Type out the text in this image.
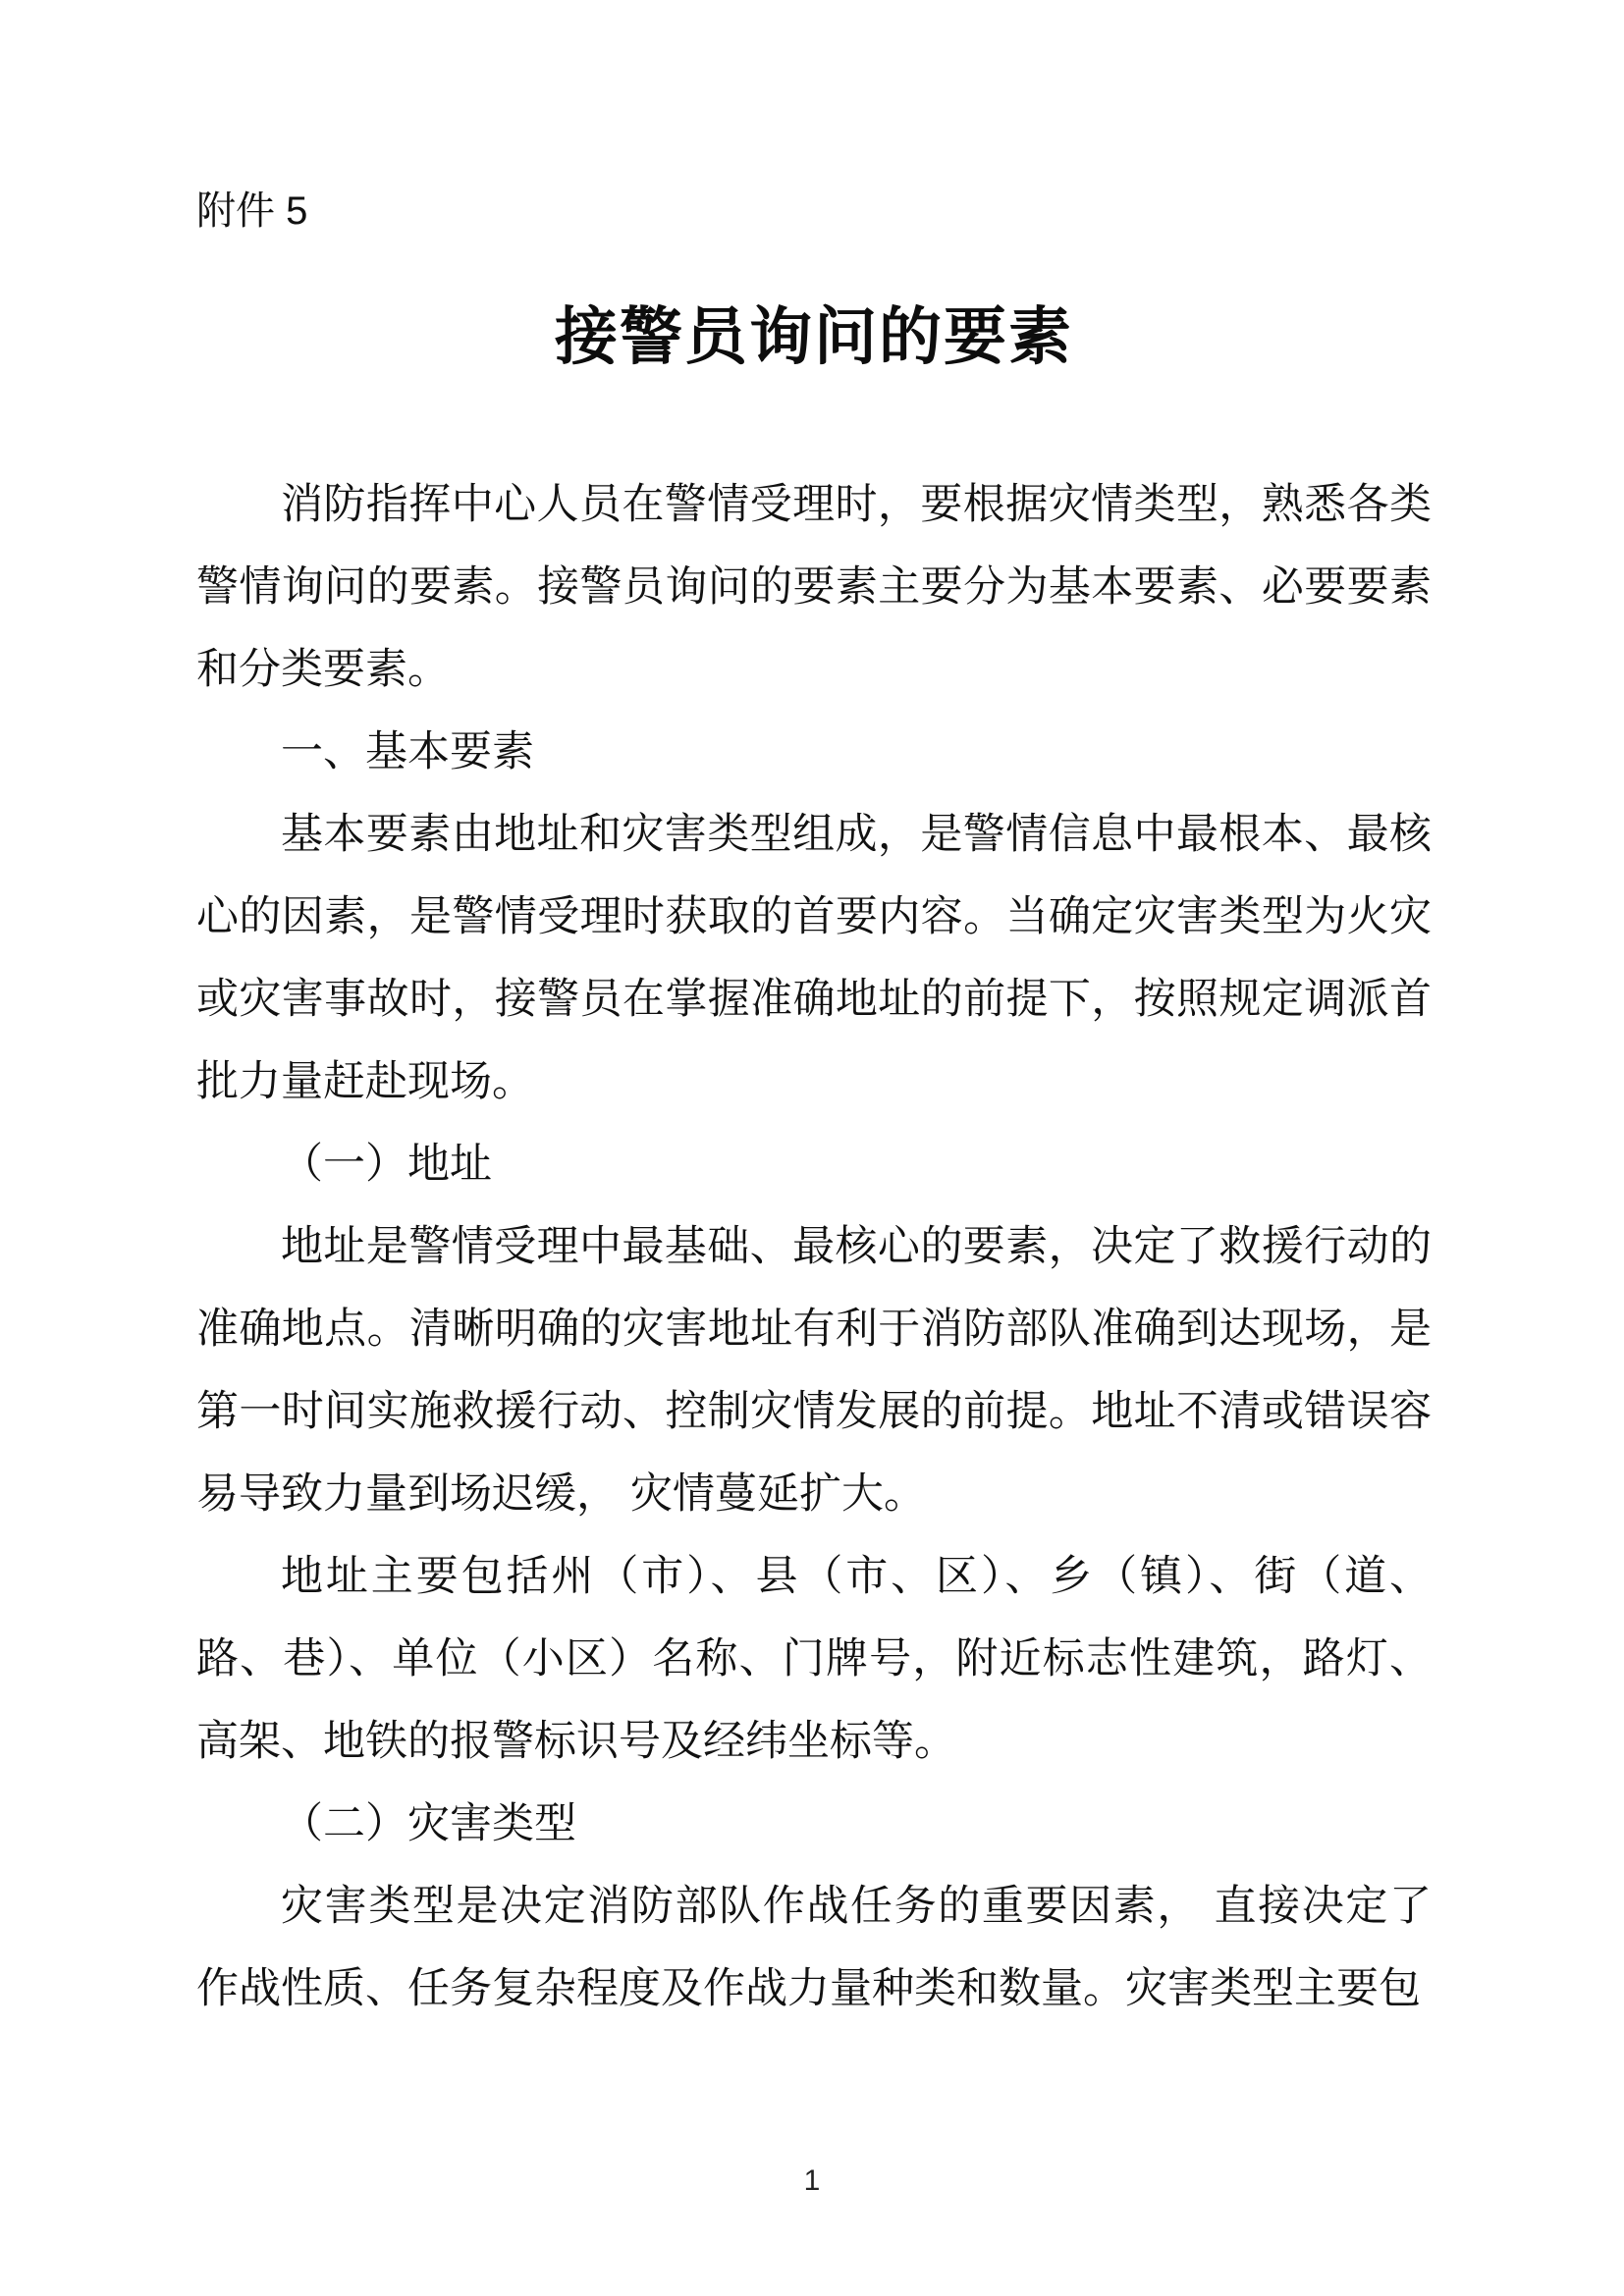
附件 5
接警员询问的要素

消防指挥中心人员在警情受理时，要根据灾情类型，熟悉各类警情询问的要素。接警员询问的要素主要分为基本要素、必要要素和分类要素。

一、基本要素

基本要素由地址和灾害类型组成，是警情信息中最根本、最核心的因素，是警情受理时获取的首要内容。当确定灾害类型为火灾或灾害事故时，接警员在掌握准确地址的前提下，按照规定调派首批力量赶赴现场。

（一）地址

地址是警情受理中最基础、最核心的要素，决定了救援行动的准确地点。清晰明确的灾害地址有利于消防部队准确到达现场，是第一时间实施救援行动、控制灾情发展的前提。地址不清或错误容易导致力量到场迟缓， 灾情蔓延扩大。

地址主要包括州（市）、县（市、区）、乡（镇）、街（道、路、巷）、单位（小区）名称、门牌号，附近标志性建筑，路灯、高架、地铁的报警标识号及经纬坐标等。

（二）灾害类型

灾害类型是决定消防部队作战任务的重要因素， 直接决定了作战性质、任务复杂程度及作战力量种类和数量。灾害类型主要包

1
